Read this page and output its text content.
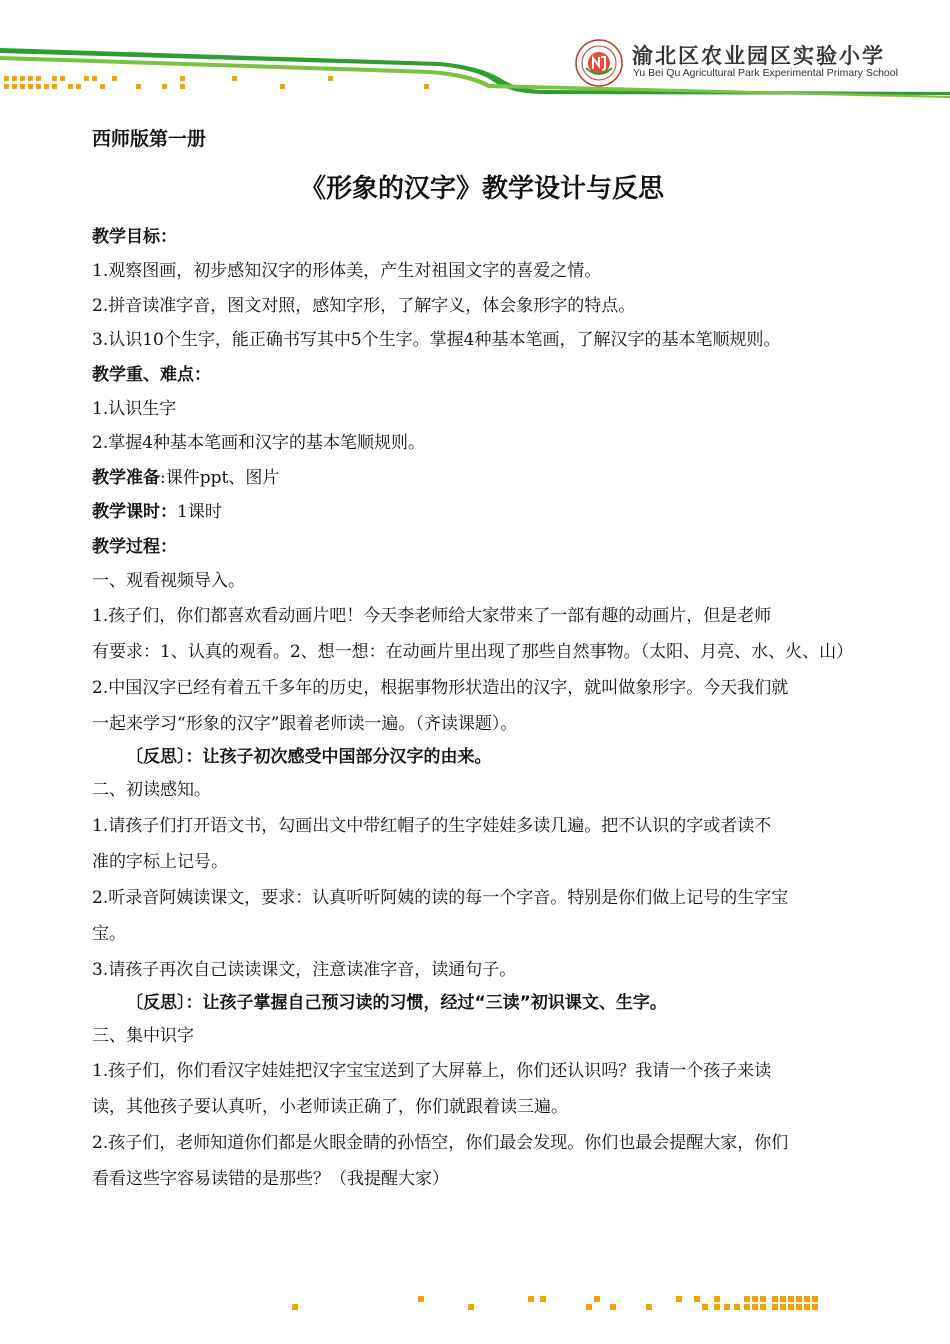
渝北区农业园区实验小学
Yu Bei Qu Agricultural Park Experimental Primary School
西师版第一册
《形象的汉字》教学设计与反思
教学目标：
1.观察图画，初步感知汉字的形体美，产生对祖国文字的喜爱之情。
2.拼音读准字音，图文对照，感知字形，了解字义，体会象形字的特点。
3.认识10个生字，能正确书写其中5个生字。掌握4种基本笔画，了解汉字的基本笔顺规则。
教学重、难点：
1.认识生字
2.掌握4种基本笔画和汉字的基本笔顺规则。
教学准备:课件ppt、图片
教学课时：1课时
教学过程：
一、观看视频导入。
1.孩子们，你们都喜欢看动画片吧！今天李老师给大家带来了一部有趣的动画片，但是老师
有要求：1、认真的观看。2、想一想：在动画片里出现了那些自然事物。（太阳、月亮、水、火、山）
2.中国汉字已经有着五千多年的历史，根据事物形状造出的汉字，就叫做象形字。今天我们就
一起来学习“形象的汉字”跟着老师读一遍。（齐读课题）。
〔反思〕：让孩子初次感受中国部分汉字的由来。
二、初读感知。
1.请孩子们打开语文书，勾画出文中带红帽子的生字娃娃多读几遍。把不认识的字或者读不
准的字标上记号。
2.听录音阿姨读课文，要求：认真听听阿姨的读的每一个字音。特别是你们做上记号的生字宝
宝。
3.请孩子再次自己读读课文，注意读准字音，读通句子。
〔反思〕：让孩子掌握自己预习读的习惯，经过“三读”初识课文、生字。
三、集中识字
1.孩子们，你们看汉字娃娃把汉字宝宝送到了大屏幕上，你们还认识吗？我请一个孩子来读
读，其他孩子要认真听，小老师读正确了，你们就跟着读三遍。
2.孩子们，老师知道你们都是火眼金睛的孙悟空，你们最会发现。你们也最会提醒大家，你们
看看这些字容易读错的是那些？（我提醒大家）
